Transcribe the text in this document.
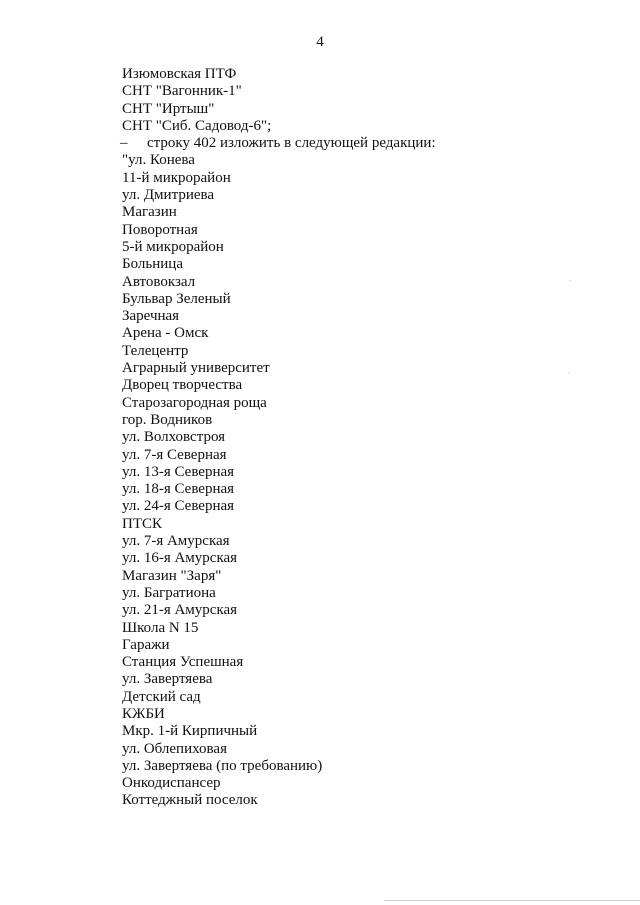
4
Изюмовская ПТФ
СНТ "Вагонник-1"
СНТ "Иртыш"
СНТ "Сиб. Садовод-6";
– строку 402 изложить в следующей редакции:
"ул. Конева
11-й микрорайон
ул. Дмитриева
Магазин
Поворотная
5-й микрорайон
Больница
Автовокзал
Бульвар Зеленый
Заречная
Арена - Омск
Телецентр
Аграрный университет
Дворец творчества
Старозагородная роща
гор. Водников
ул. Волховстроя
ул. 7-я Северная
ул. 13-я Северная
ул. 18-я Северная
ул. 24-я Северная
ПТСК
ул. 7-я Амурская
ул. 16-я Амурская
Магазин "Заря"
ул. Багратиона
ул. 21-я Амурская
Школа N 15
Гаражи
Станция Успешная
ул. Завертяева
Детский сад
КЖБИ
Мкр. 1-й Кирпичный
ул. Облепиховая
ул. Завертяева (по требованию)
Онкодиспансер
Коттеджный поселок
